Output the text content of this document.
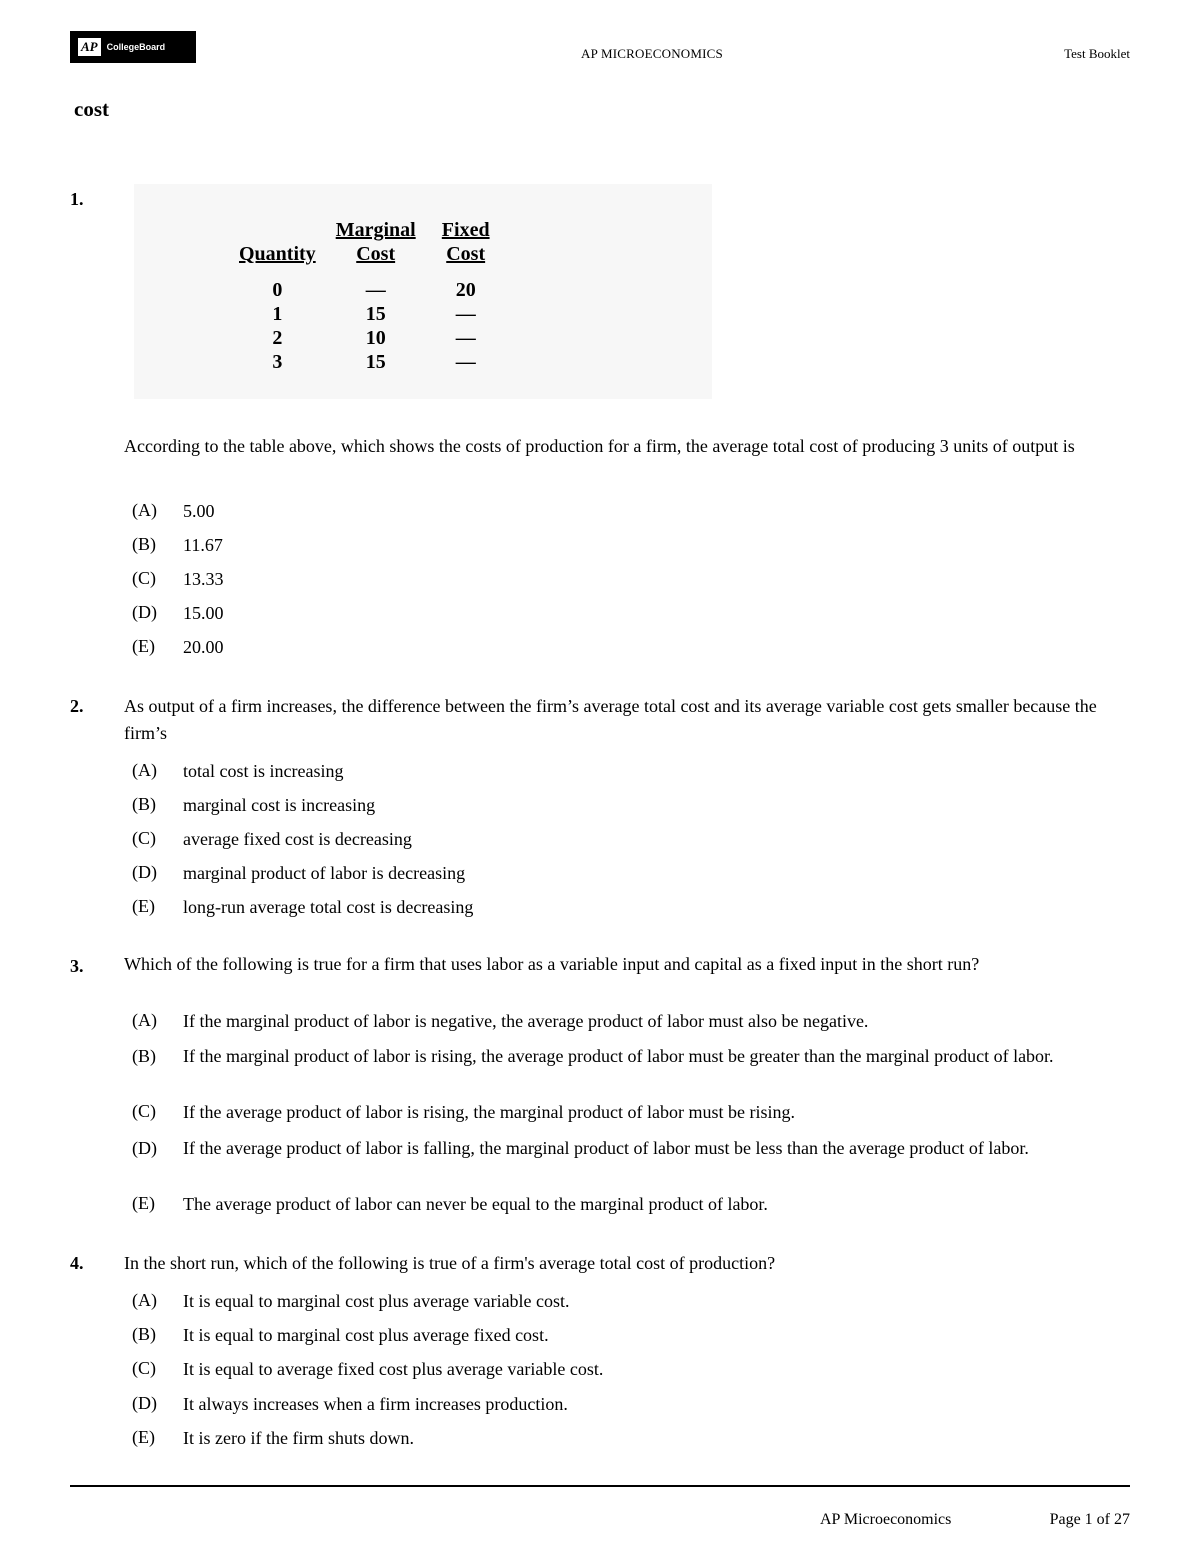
AP	CollegeBoard	AP MICROECONOMICS	Test Booklet
cost
1.
Quantity	Marginal Cost	Fixed Cost
0	—	20
1	15	—
2	10	—
3	15	—
According to the table above, which shows the costs of production for a firm, the average total cost of producing 3 units of output is
(A)	5.00
(B)	11.67
(C)	13.33
(D)	15.00
(E)	20.00
2. As output of a firm increases, the difference between the firm’s average total cost and its average variable cost gets smaller because the firm’s
(A)	total cost is increasing
(B)	marginal cost is increasing
(C)	average fixed cost is decreasing
(D)	marginal product of labor is decreasing
(E)	long-run average total cost is decreasing
3. Which of the following is true for a firm that uses labor as a variable input and capital as a fixed input in the short run?
(A)	If the marginal product of labor is negative, the average product of labor must also be negative.
(B)	If the marginal product of labor is rising, the average product of labor must be greater than the marginal product of labor.
(C)	If the average product of labor is rising, the marginal product of labor must be rising.
(D)	If the average product of labor is falling, the marginal product of labor must be less than the average product of labor.
(E)	The average product of labor can never be equal to the marginal product of labor.
4. In the short run, which of the following is true of a firm's average total cost of production?
(A)	It is equal to marginal cost plus average variable cost.
(B)	It is equal to marginal cost plus average fixed cost.
(C)	It is equal to average fixed cost plus average variable cost.
(D)	It always increases when a firm increases production.
(E)	It is zero if the firm shuts down.
AP Microeconomics	Page 1 of 27
